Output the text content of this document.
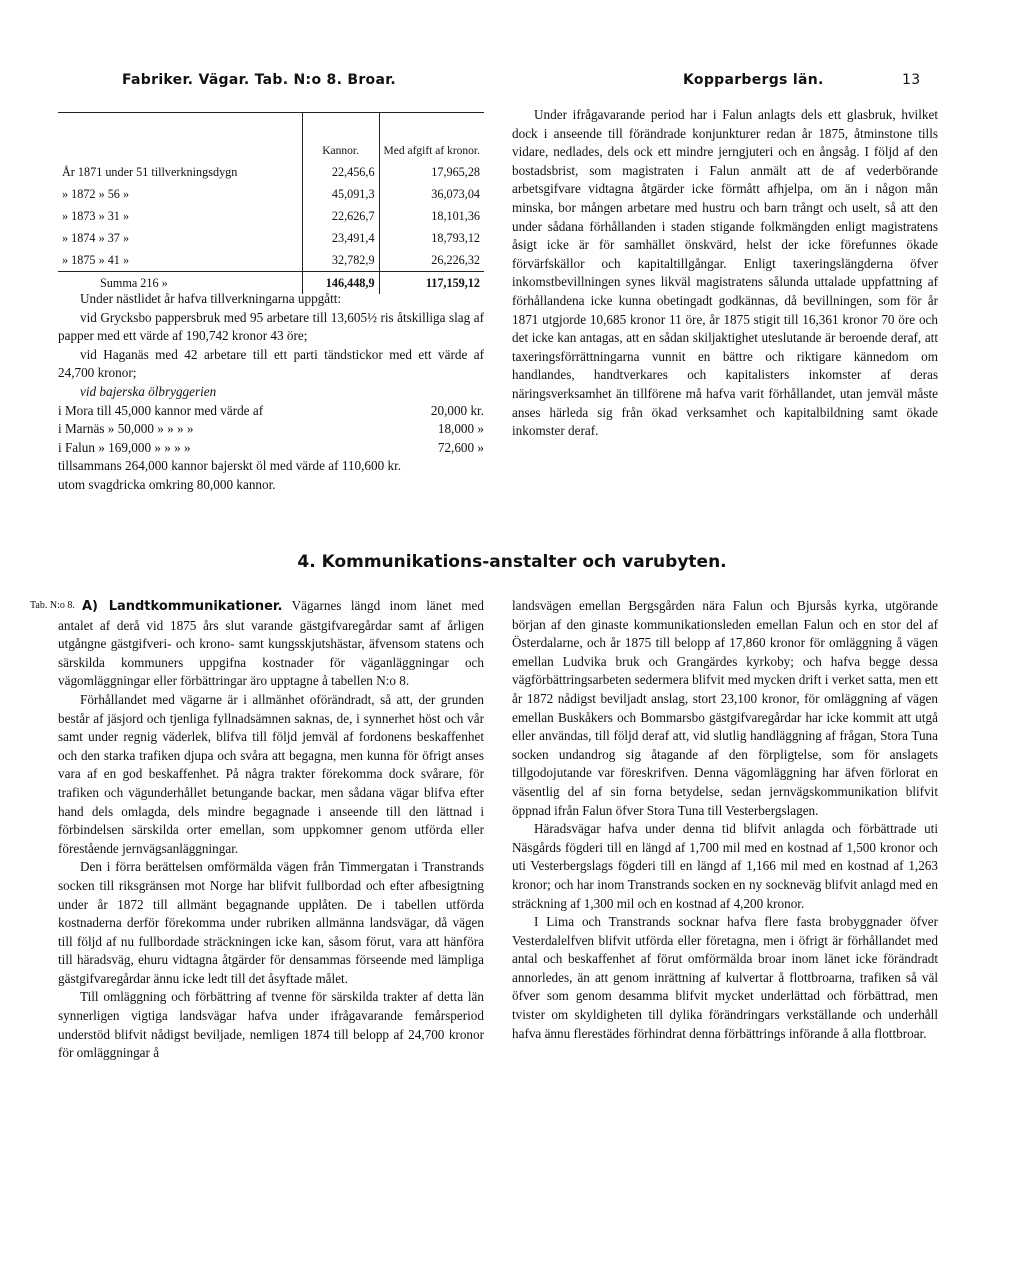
Fabriker. Vägar. Tab. N:o 8. Broar.	Kopparbergs län.	13
	Kannor.	Med afgift af kronor.
År 1871 under 51 tillverkningsdygn	22,456,6	17,965,28
» 1872 » 56 »	45,091,3	36,073,04
» 1873 » 31 »	22,626,7	18,101,36
» 1874 » 37 »	23,491,4	18,793,12
» 1875 » 41 »	32,782,9	26,226,32
Summa 216 »	146,448,9	117,159,12

Under nästlidet år hafva tillverkningarna uppgått:

vid Grycksbo pappersbruk med 95 arbetare till 13,605½ ris åtskilliga slag af papper med ett värde af 190,742 kronor 43 öre;

vid Haganäs med 42 arbetare till ett parti tändstickor med ett värde af 24,700 kronor;

vid bajerska ölbryggerien

i Mora till 45,000 kannor med värde af	20,000 kr.
i Marnäs » 50,000 » » » »	18,000 »
i Falun » 169,000 » » » »	72,600 »

tillsammans 264,000 kannor bajerskt öl med värde af 110,600 kr.

utom svagdricka omkring 80,000 kannor.

Under ifrågavarande period har i Falun anlagts dels ett glasbruk, hvilket dock i anseende till förändrade konjunkturer redan år 1875, åtminstone tills vidare, nedlades, dels ock ett mindre jerngjuteri och en ångsåg. I följd af den bostadsbrist, som magistraten i Falun anmält att de af vederbörande arbetsgifvare vidtagna åtgärder icke förmått afhjelpa, om än i någon mån minska, bor mången arbetare med hustru och barn trångt och uselt, så att den under sådana förhållanden i staden stigande folkmängden enligt magistratens åsigt icke är för samhället önskvärd, helst der icke förefunnes ökade förvärfskällor och kapitaltillgångar. Enligt taxeringslängderna öfver inkomstbevillningen synes likväl magistratens sålunda uttalade uppfattning af förhållandena icke kunna obetingadt godkännas, då bevillningen, som för år 1871 utgjorde 10,685 kronor 11 öre, år 1875 stigit till 16,361 kronor 70 öre och det icke kan antagas, att en sådan skiljaktighet uteslutande är beroende deraf, att taxeringsförrättningarna vunnit en bättre och riktigare kännedom om handlandes, handtverkares och kapitalisters inkomster af deras näringsverksamhet än tillförene må hafva varit förhållandet, utan jemväl måste anses härleda sig från ökad verksamhet och kapitalbildning samt ökade inkomster deraf.

4. Kommunikations-anstalter och varubyten.
Tab. N:o 8. A) Landtkommunikationer. Vägarnes längd inom länet med antalet af derå vid 1875 års slut varande gästgifvaregårdar samt af årligen utgångne gästgifveri- och krono- samt kungsskjutshästar, äfvensom statens och särskilda kommuners uppgifna kostnader för väganläggningar och vägomläggningar eller förbättringar äro upptagne å tabellen N:o 8.

Förhållandet med vägarne är i allmänhet oförändradt, så att, der grunden består af jäsjord och tjenliga fyllnadsämnen saknas, de, i synnerhet höst och vår samt under regnig väderlek, blifva till följd jemväl af fordonens beskaffenhet och den starka trafiken djupa och svåra att begagna, men kunna för öfrigt anses vara af en god beskaffenhet. På några trakter förekomma dock svårare, för trafiken och vägunderhållet betungande backar, men sådana vägar blifva efter hand dels omlagda, dels mindre begagnade i anseende till den lättnad i förbindelsen särskilda orter emellan, som uppkomner genom utförda eller förestående jernvägsanläggningar.

Den i förra berättelsen omförmälda vägen från Timmergatan i Transtrands socken till riksgränsen mot Norge har blifvit fullbordad och efter afbesigtning under år 1872 till allmänt begagnande upplåten. De i tabellen utförda kostnaderna derför förekomma under rubriken allmänna landsvägar, då vägen till följd af nu fullbordade sträckningen icke kan, såsom förut, vara att hänföra till häradsväg, ehuru vidtagna åtgärder för densammas förseende med lämpliga gästgifvaregårdar ännu icke ledt till det åsyftade målet.

Till omläggning och förbättring af tvenne för särskilda trakter af detta län synnerligen vigtiga landsvägar hafva under ifrågavarande femårsperiod understöd blifvit nådigst beviljade, nemligen 1874 till belopp af 24,700 kronor för omläggningar å

landsvägen emellan Bergsgården nära Falun och Bjursås kyrka, utgörande början af den ginaste kommunikationsleden emellan Falun och en stor del af Österdalarne, och år 1875 till belopp af 17,860 kronor för omläggning å vägen emellan Ludvika bruk och Grangärdes kyrkoby; och hafva begge dessa vägförbättringsarbeten sedermera blifvit med mycken drift i verket satta, men ett år 1872 nådigst beviljadt anslag, stort 23,100 kronor, för omläggning af vägen emellan Buskåkers och Bommarsbo gästgifvaregårdar har icke kommit att utgå eller användas, till följd deraf att, vid slutlig handläggning af frågan, Stora Tuna socken undandrog sig åtagande af den förpligtelse, som för anslagets tillgodojutande var föreskrifven. Denna vägomläggning har äfven förlorat en väsentlig del af sin forna betydelse, sedan jernvägskommunikation blifvit öppnad ifrån Falun öfver Stora Tuna till Vesterbergslagen.

Häradsvägar hafva under denna tid blifvit anlagda och förbättrade uti Näsgårds fögderi till en längd af 1,700 mil med en kostnad af 1,500 kronor och uti Vesterbergslags fögderi till en längd af 1,166 mil med en kostnad af 1,263 kronor; och har inom Transtrands socken en ny sockneväg blifvit anlagd med en sträckning af 1,300 mil och en kostnad af 4,200 kronor.

I Lima och Transtrands socknar hafva flere fasta brobyggnader öfver Vesterdalelfven blifvit utförda eller företagna, men i öfrigt är förhållandet med antal och beskaffenhet af förut omförmälda broar inom länet icke förändradt annorledes, än att genom inrättning af kulvertar å flottbroarna, trafiken så väl öfver som genom desamma blifvit mycket underlättad och förbättrad, men tvister om skyldigheten till dylika förändringars verkställande och underhåll hafva ännu flerestädes förhindrat denna förbättrings införande å alla flottbroar.
